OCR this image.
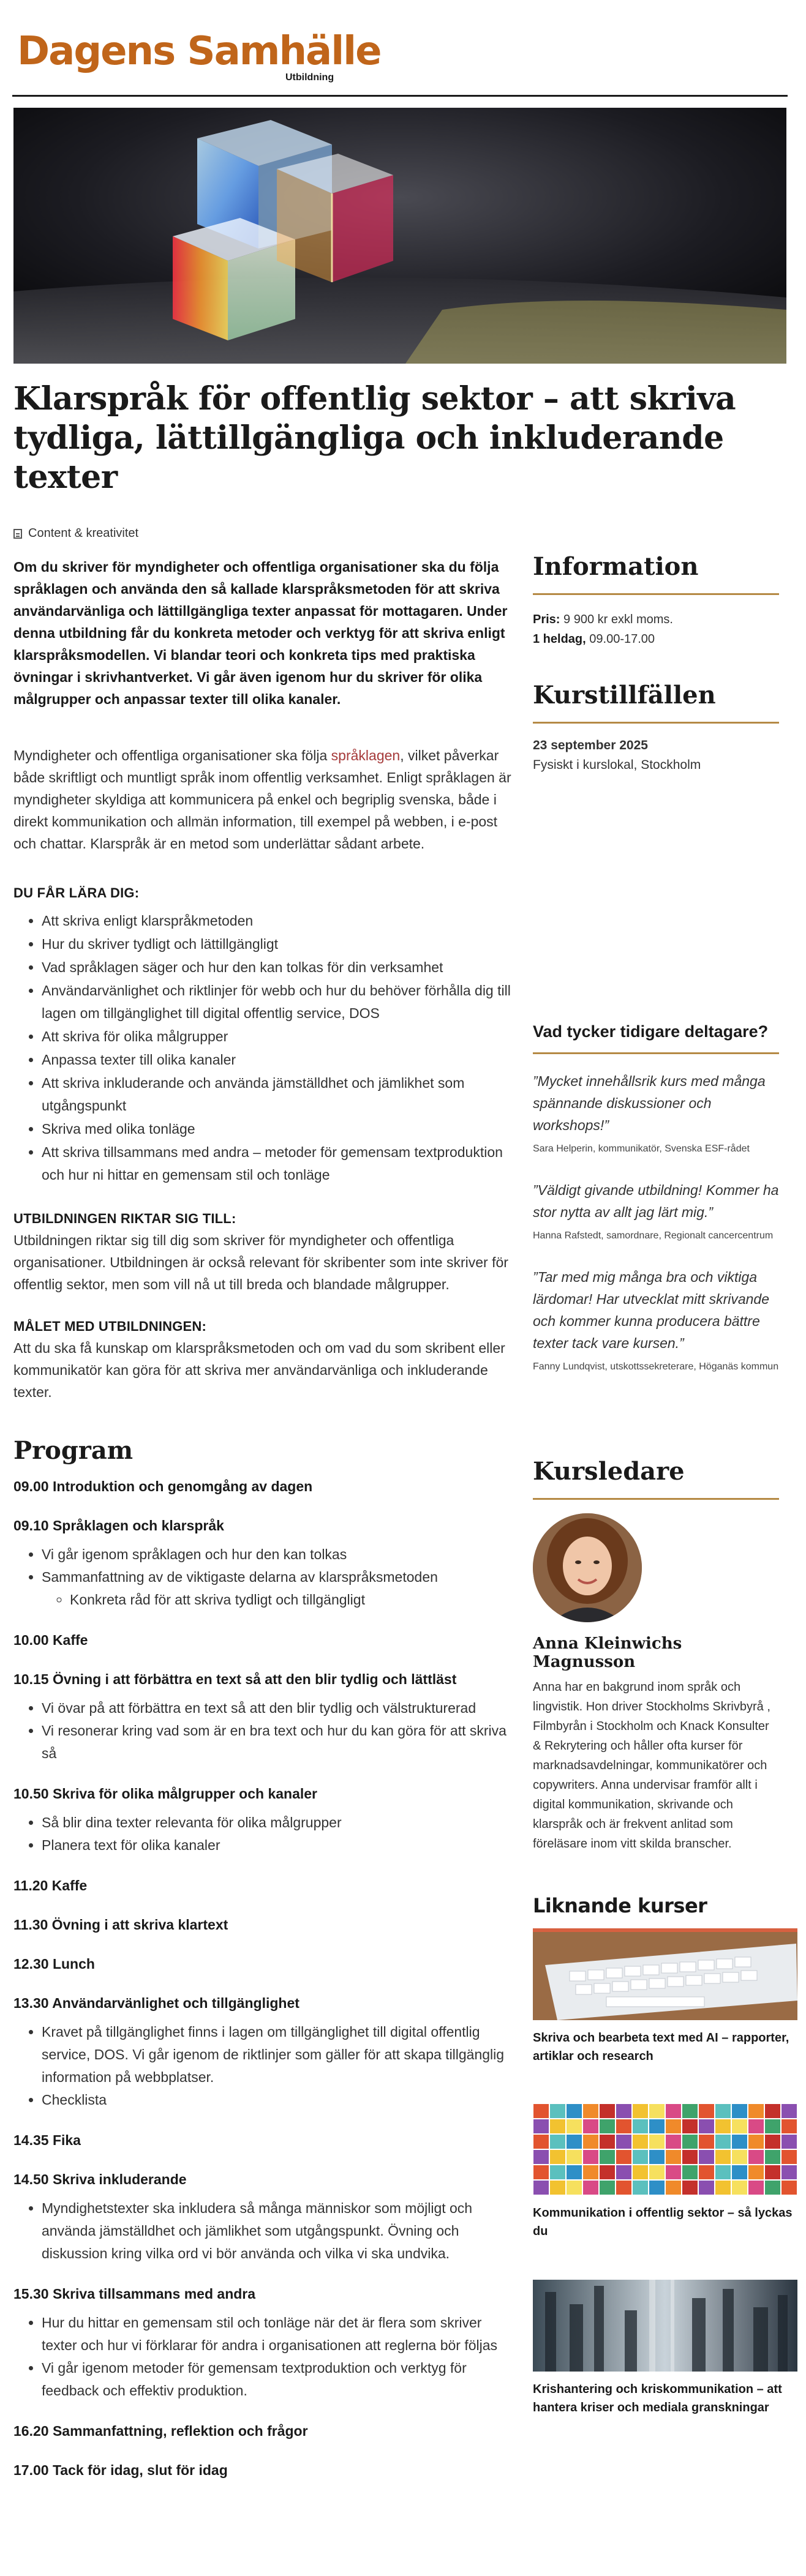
Dagens Samhälle
Utbildning
Klarspråk för offentlig sektor – att skriva tydliga, lättillgängliga och inkluderande texter
Content & kreativitet

Om du skriver för myndigheter och offentliga organisationer ska du följa språklagen och använda den så kallade klarspråksmetoden för att skriva användarvänliga och lättillgängliga texter anpassat för mottagaren. Under denna utbildning får du konkreta metoder och verktyg för att skriva enligt klarspråksmodellen. Vi blandar teori och konkreta tips med praktiska övningar i skrivhantverket. Vi går även igenom hur du skriver för olika målgrupper och anpassar texter till olika kanaler.

Myndigheter och offentliga organisationer ska följa språklagen, vilket påverkar både skriftligt och muntligt språk inom offentlig verksamhet. Enligt språklagen är myndigheter skyldiga att kommunicera på enkel och begriplig svenska, både i direkt kommunikation och allmän information, till exempel på webben, i e-post och chattar. Klarspråk är en metod som underlättar sådant arbete.

DU FÅR LÄRA DIG:
• Att skriva enligt klarspråkmetoden
• Hur du skriver tydligt och lättillgängligt
• Vad språklagen säger och hur den kan tolkas för din verksamhet
• Användarvänlighet och riktlinjer för webb och hur du behöver förhålla dig till lagen om tillgänglighet till digital offentlig service, DOS
• Att skriva för olika målgrupper
• Anpassa texter till olika kanaler
• Att skriva inkluderande och använda jämställdhet och jämlikhet som utgångspunkt
• Skriva med olika tonläge
• Att skriva tillsammans med andra – metoder för gemensam textproduktion och hur ni hittar en gemensam stil och tonläge
UTBILDNINGEN RIKTAR SIG TILL:

Utbildningen riktar sig till dig som skriver för myndigheter och offentliga organisationer. Utbildningen är också relevant för skribenter som inte skriver för offentlig sektor, men som vill nå ut till breda och blandade målgrupper.

MÅLET MED UTBILDNINGEN:

Att du ska få kunskap om klarspråksmetoden och om vad du som skribent eller kommunikatör kan göra för att skriva mer användarvänliga och inkluderande texter.

Program
09.00 Introduktion och genomgång av dagen
09.10 Språklagen och klarspråk
• Vi går igenom språklagen och hur den kan tolkas
• Sammanfattning av de viktigaste delarna av klarspråksmetoden
◦ Konkreta råd för att skriva tydligt och tillgängligt
10.00 Kaffe
10.15 Övning i att förbättra en text så att den blir tydlig och lättläst
• Vi övar på att förbättra en text så att den blir tydlig och välstrukturerad
• Vi resonerar kring vad som är en bra text och hur du kan göra för att skriva så
10.50 Skriva för olika målgrupper och kanaler
• Så blir dina texter relevanta för olika målgrupper
• Planera text för olika kanaler
11.20 Kaffe
11.30 Övning i att skriva klartext
12.30 Lunch
13.30 Användarvänlighet och tillgänglighet
• Kravet på tillgänglighet finns i lagen om tillgänglighet till digital offentlig service, DOS. Vi går igenom de riktlinjer som gäller för att skapa tillgänglig information på webbplatser.
• Checklista
14.35 Fika
14.50 Skriva inkluderande
• Myndighetstexter ska inkludera så många människor som möjligt och använda jämställdhet och jämlikhet som utgångspunkt. Övning och diskussion kring vilka ord vi bör använda och vilka vi ska undvika.
15.30 Skriva tillsammans med andra
• Hur du hittar en gemensam stil och tonläge när det är flera som skriver texter och hur vi förklarar för andra i organisationen att reglerna bör följas
• Vi går igenom metoder för gemensam textproduktion och verktyg för feedback och effektiv produktion.
16.20 Sammanfattning, reflektion och frågor
17.00 Tack för idag, slut för idag
Information
Pris: 9 900 kr exkl moms.
1 heldag, 09.00-17.00
Kurstillfällen
23 september 2025
Fysiskt i kurslokal, Stockholm
Vad tycker tidigare deltagare?

”Mycket innehållsrik kurs med många spännande diskussioner och workshops!”

Sara Helperin, kommunikatör, Svenska ESF-rådet

”Väldigt givande utbildning! Kommer ha stor nytta av allt jag lärt mig.”

Hanna Rafstedt, samordnare, Regionalt cancercentrum

”Tar med mig många bra och viktiga lärdomar! Har utvecklat mitt skrivande och kommer kunna producera bättre texter tack vare kursen.”

Fanny Lundqvist, utskottssekreterare, Höganäs kommun
Kursledare
Anna Kleinwichs Magnusson
Anna har en bakgrund inom språk och lingvistik. Hon driver Stockholms Skrivbyrå , Filmbyrån i Stockholm och Knack Konsulter & Rekrytering och håller ofta kurser för marknadsavdelningar, kommunikatörer och copywriters. Anna undervisar framför allt i digital kommunikation, skrivande och klarspråk och är frekvent anlitad som föreläsare inom vitt skilda branscher.
Liknande kurser
Skriva och bearbeta text med AI – rapporter, artiklar och research
Kommunikation i offentlig sektor – så lyckas du
Krishantering och kriskommunikation – att hantera kriser och mediala granskningar
